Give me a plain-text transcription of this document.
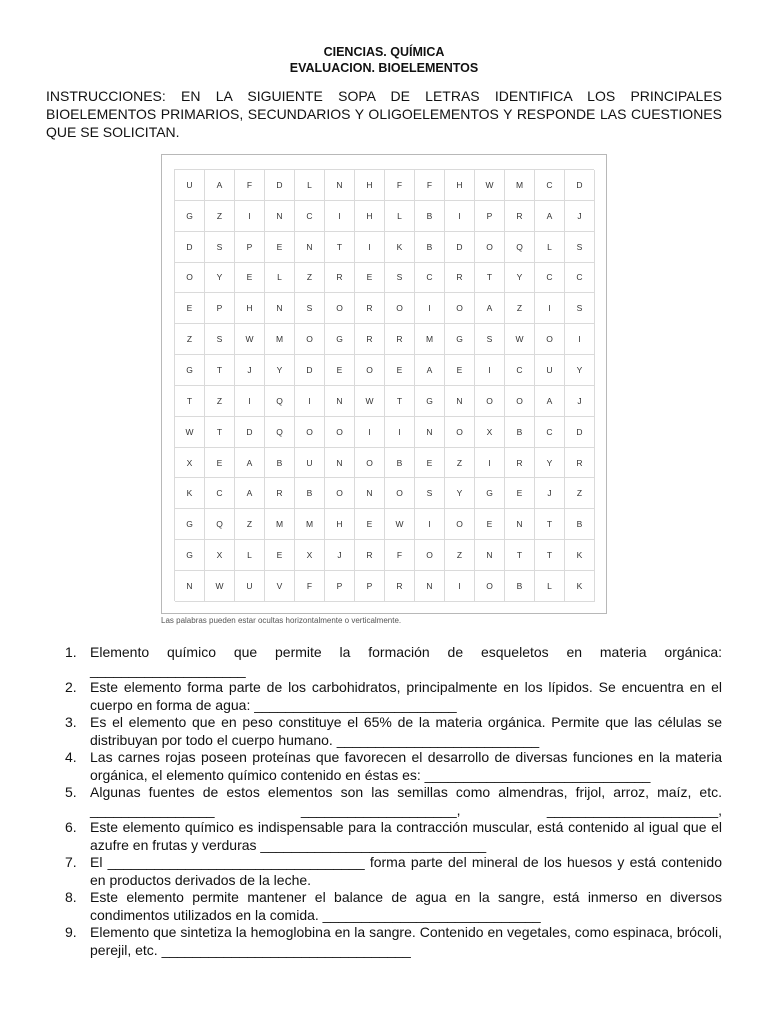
CIENCIAS. QUÍMICA
EVALUACION. BIOELEMENTOS
INSTRUCCIONES: EN LA SIGUIENTE SOPA DE LETRAS IDENTIFICA LOS PRINCIPALES BIOELEMENTOS PRIMARIOS, SECUNDARIOS Y OLIGOELEMENTOS Y RESPONDE LAS CUESTIONES QUE SE SOLICITAN.
U	A	F	D	L	N	H	F	F	H	W	M	C	D
G	Z	I	N	C	I	H	L	B	I	P	R	A	J
D	S	P	E	N	T	I	K	B	D	O	Q	L	S
O	Y	E	L	Z	R	E	S	C	R	T	Y	C	C
E	P	H	N	S	O	R	O	I	O	A	Z	I	S
Z	S	W	M	O	G	R	R	M	G	S	W	O	I
G	T	J	Y	D	E	O	E	A	E	I	C	U	Y
T	Z	I	Q	I	N	W	T	G	N	O	O	A	J
W	T	D	Q	O	O	I	I	N	O	X	B	C	D
X	E	A	B	U	N	O	B	E	Z	I	R	Y	R
K	C	A	R	B	O	N	O	S	Y	G	E	J	Z
G	Q	Z	M	M	H	E	W	I	O	E	N	T	B
G	X	L	E	X	J	R	F	O	Z	N	T	T	K
N	W	U	V	F	P	P	R	N	I	O	B	L	K
Las palabras pueden estar ocultas horizontalmente o verticalmente.
1. Elemento químico que permite la formación de esqueletos en materia orgánica: ____________________
2. Este elemento forma parte de los carbohidratos, principalmente en los lípidos. Se encuentra en el cuerpo en forma de agua: __________________________
3. Es el elemento que en peso constituye el 65% de la materia orgánica. Permite que las células se distribuyan por todo el cuerpo humano. __________________________
4. Las carnes rojas poseen proteínas que favorecen el desarrollo de diversas funciones en la materia orgánica, el elemento químico contenido en éstas es: _____________________________
5. Algunas fuentes de estos elementos son las semillas como almendras, frijol, arroz, maíz, etc. ________________ ____________________, ______________________,
6. Este elemento químico es indispensable para la contracción muscular, está contenido al igual que el azufre en frutas y verduras _____________________________
7. El _________________________________ forma parte del mineral de los huesos y está contenido en productos derivados de la leche.
8. Este elemento permite mantener el balance de agua en la sangre, está inmerso en diversos condimentos utilizados en la comida. ____________________________
9. Elemento que sintetiza la hemoglobina en la sangre. Contenido en vegetales, como espinaca, brócoli, perejil, etc. ________________________________
